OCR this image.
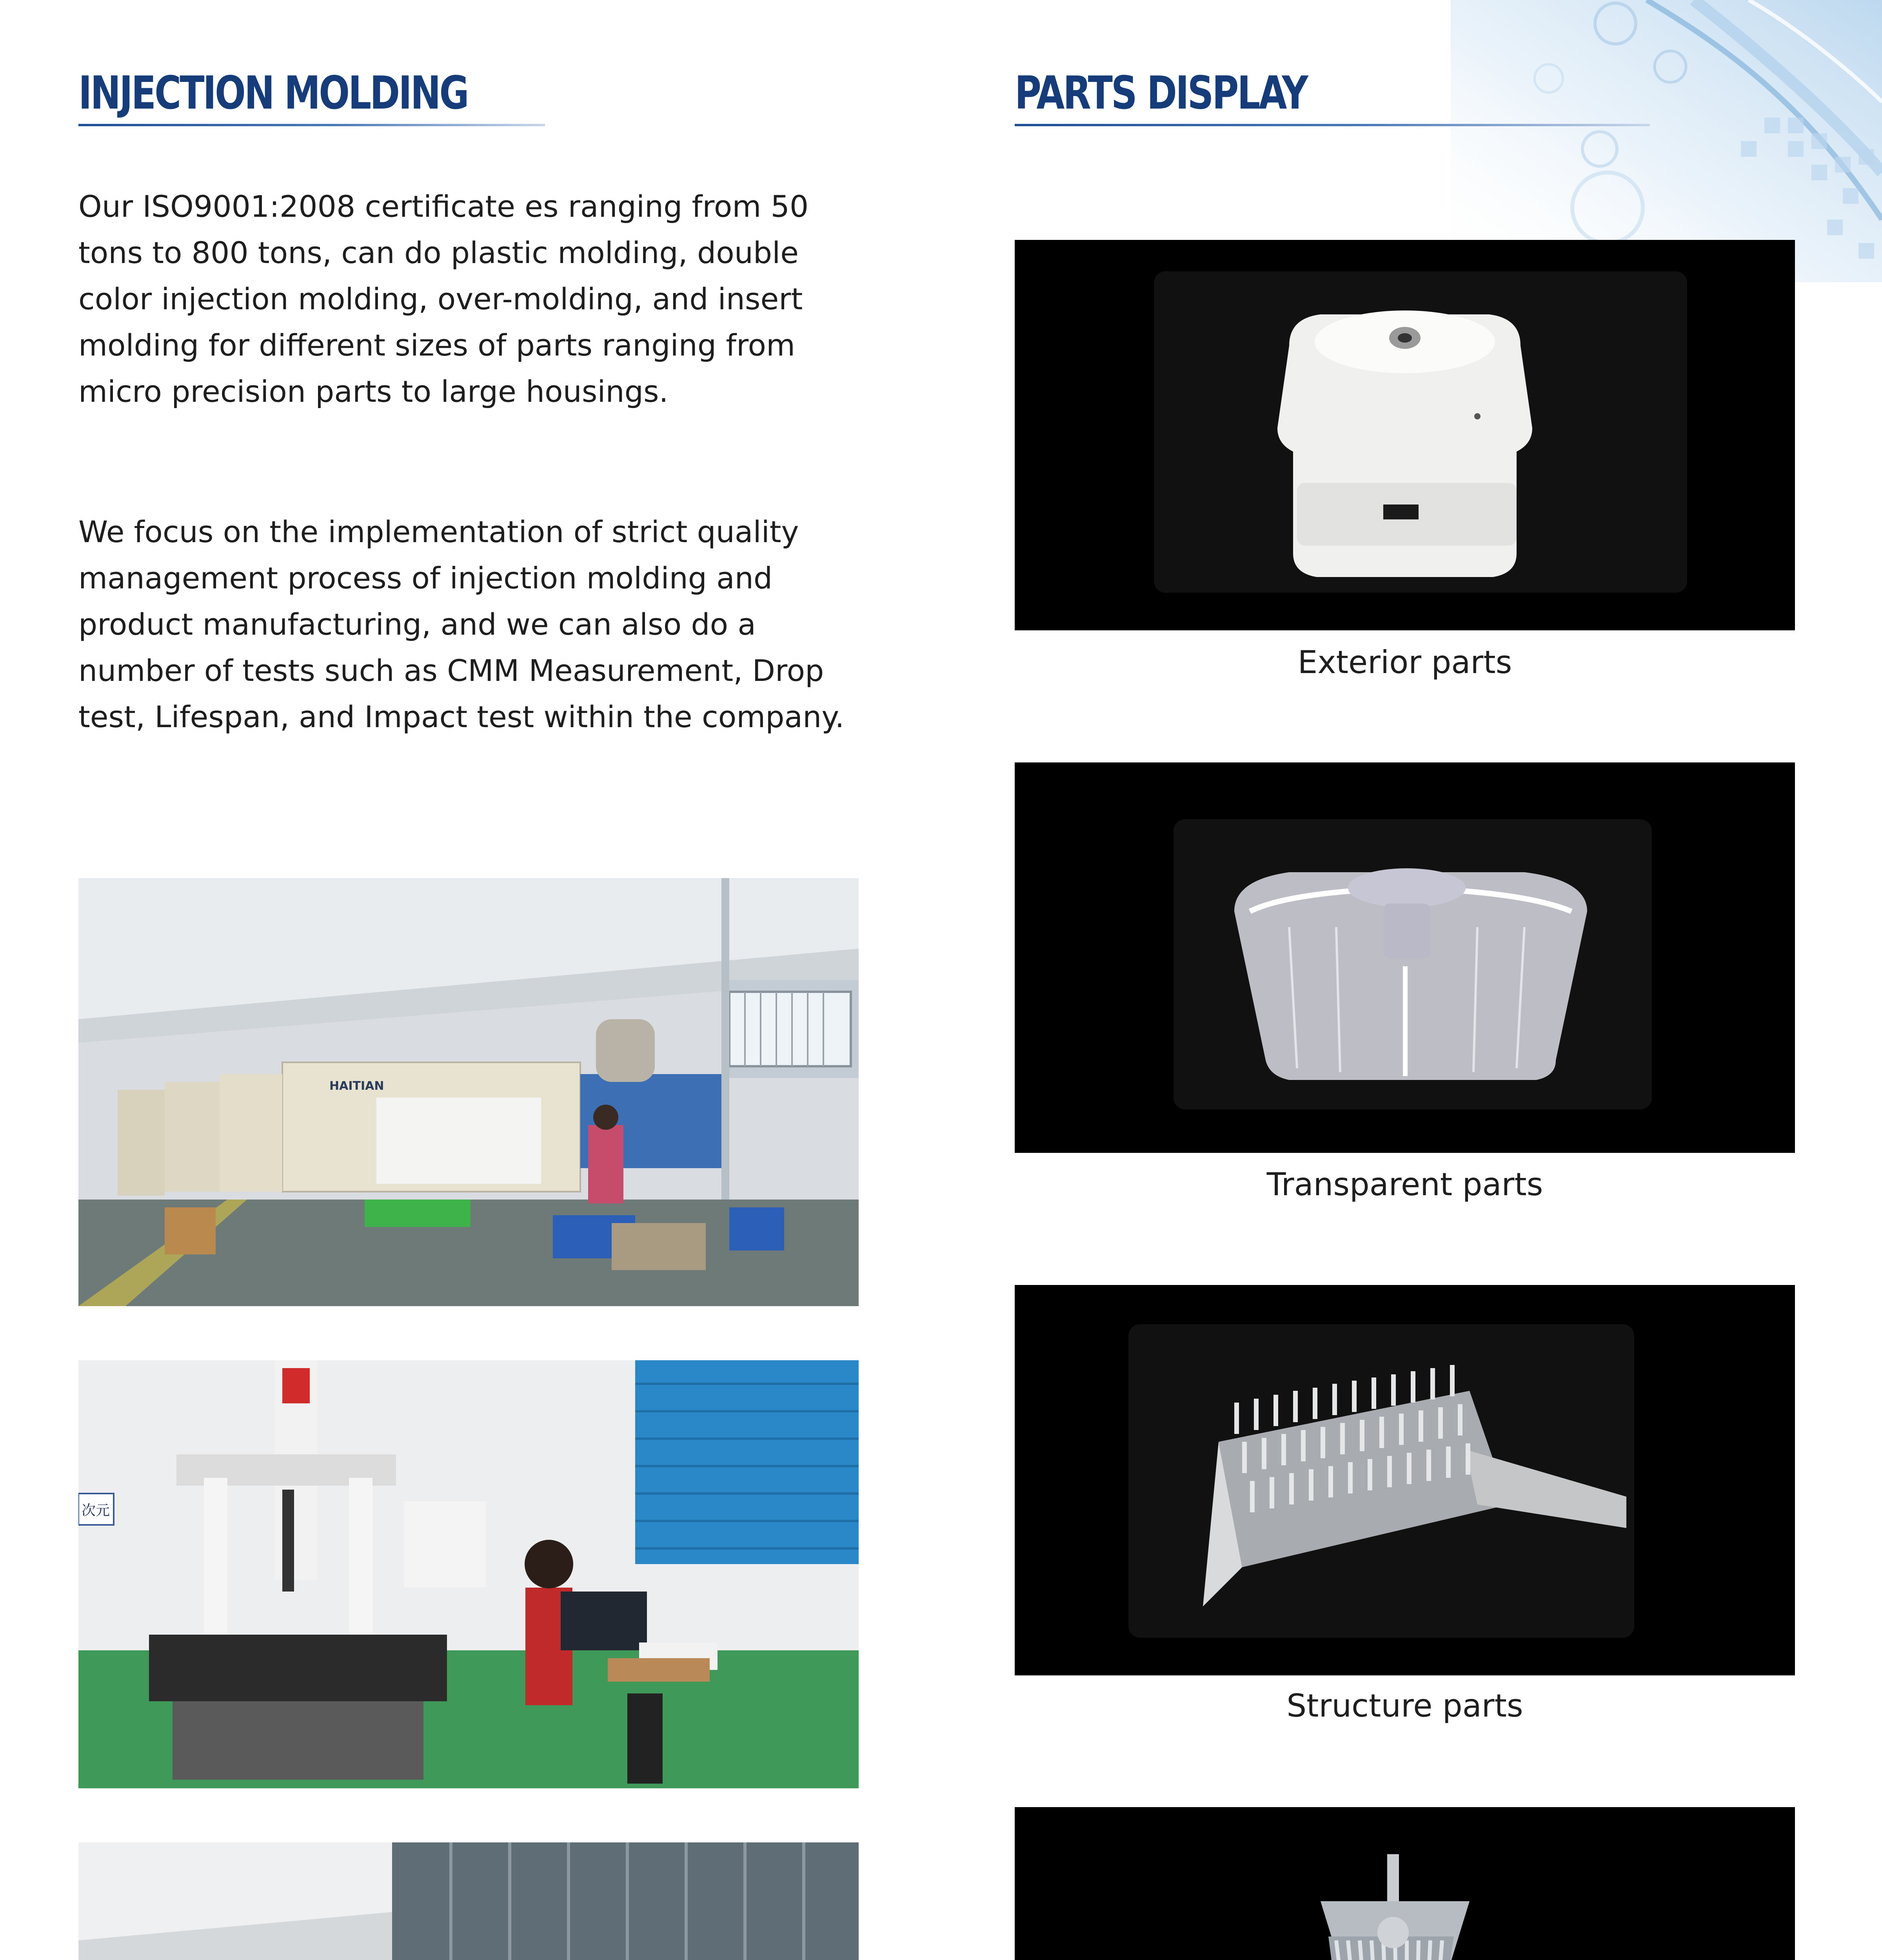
INJECTION MOLDING

Our ISO9001:2008 certificate es ranging from 50 tons to 800 tons, can do plastic molding, double color injection molding, over-molding, and insert molding for different sizes of parts ranging from micro precision parts to large housings.

We focus on the implementation of strict quality management process of injection molding and product manufacturing, and we can also do a number of tests such as CMM Measurement, Drop test, Lifespan, and Impact test within the company.

HAITIAN
次元
PARTS DISPLAY
Exterior parts
Transparent parts
Structure parts
